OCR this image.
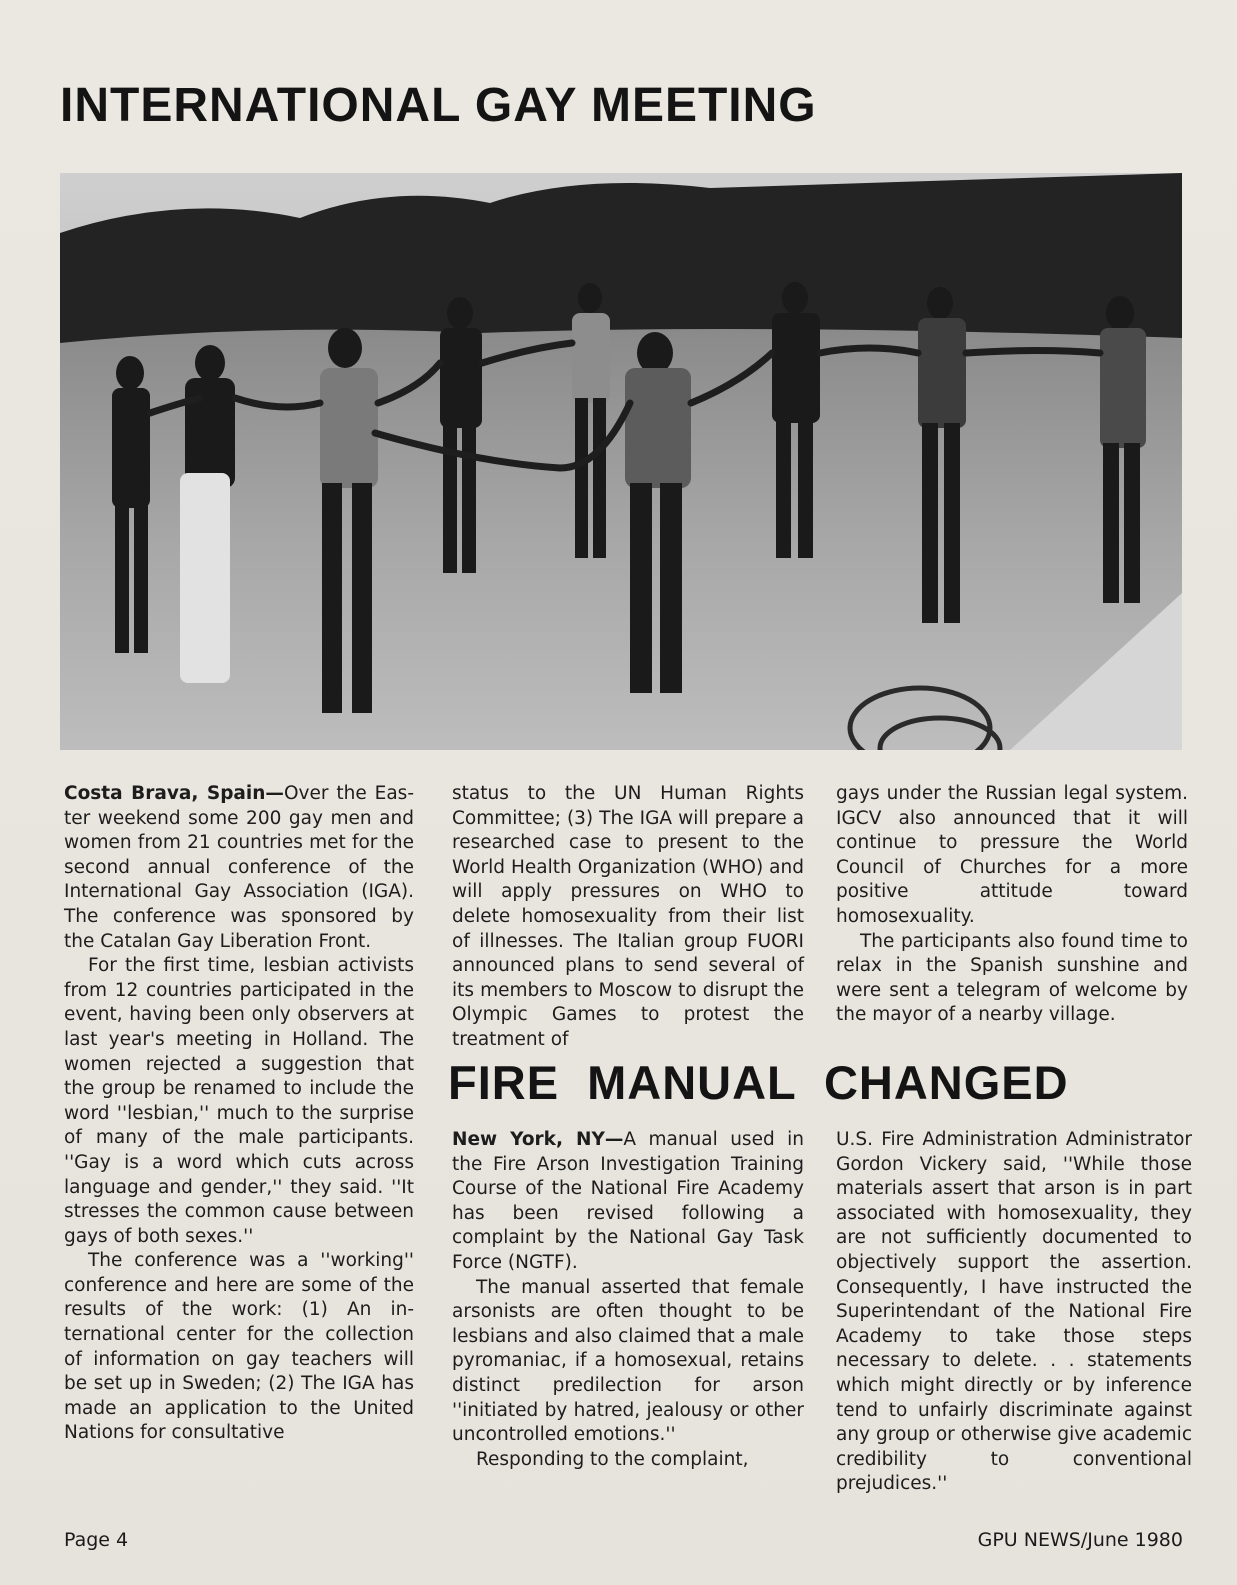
INTERNATIONAL GAY MEETING

Costa Brava, Spain—Over the Easter weekend some 200 gay men and women from 21 countries met for the second annual conference of the International Gay Association (IGA). The conference was sponsored by the Catalan Gay Liberation Front.

For the first time, lesbian activists from 12 countries participated in the event, having been only observers at last year's meeting in Holland. The women rejected a suggestion that the group be renamed to include the word ''lesbian,'' much to the surprise of many of the male participants. ''Gay is a word which cuts across language and gender,'' they said. ''It stresses the common cause between gays of both sexes.''

The conference was a ''working'' conference and here are some of the results of the work: (1) An international center for the collection of information on gay teachers will be set up in Sweden; (2) The IGA has made an application to the United Nations for consultative

status to the UN Human Rights Committee; (3) The IGA will prepare a researched case to present to the World Health Organization (WHO) and will apply pressures on WHO to delete homosexuality from their list of illnesses. The Italian group FUORI announced plans to send several of its members to Moscow to disrupt the Olympic Games to protest the treatment of

gays under the Russian legal system. IGCV also announced that it will continue to pressure the World Council of Churches for a more positive attitude toward homosexuality.

The participants also found time to relax in the Spanish sunshine and were sent a telegram of welcome by the mayor of a nearby village.

FIRE MANUAL CHANGED

New York, NY—A manual used in the Fire Arson Investigation Training Course of the National Fire Academy has been revised following a complaint by the National Gay Task Force (NGTF).

The manual asserted that female arsonists are often thought to be lesbians and also claimed that a male pyromaniac, if a homosexual, retains distinct predilection for arson ''initiated by hatred, jealousy or other uncontrolled emotions.''

Responding to the complaint,

U.S. Fire Administration Administrator Gordon Vickery said, ''While those materials assert that arson is in part associated with homosexuality, they are not sufficiently documented to objectively support the assertion. Consequently, I have instructed the Superintendant of the National Fire Academy to take those steps necessary to delete. . . statements which might directly or by inference tend to unfairly discriminate against any group or otherwise give academic credibility to conventional prejudices.''

Page 4	GPU NEWS/June 1980
